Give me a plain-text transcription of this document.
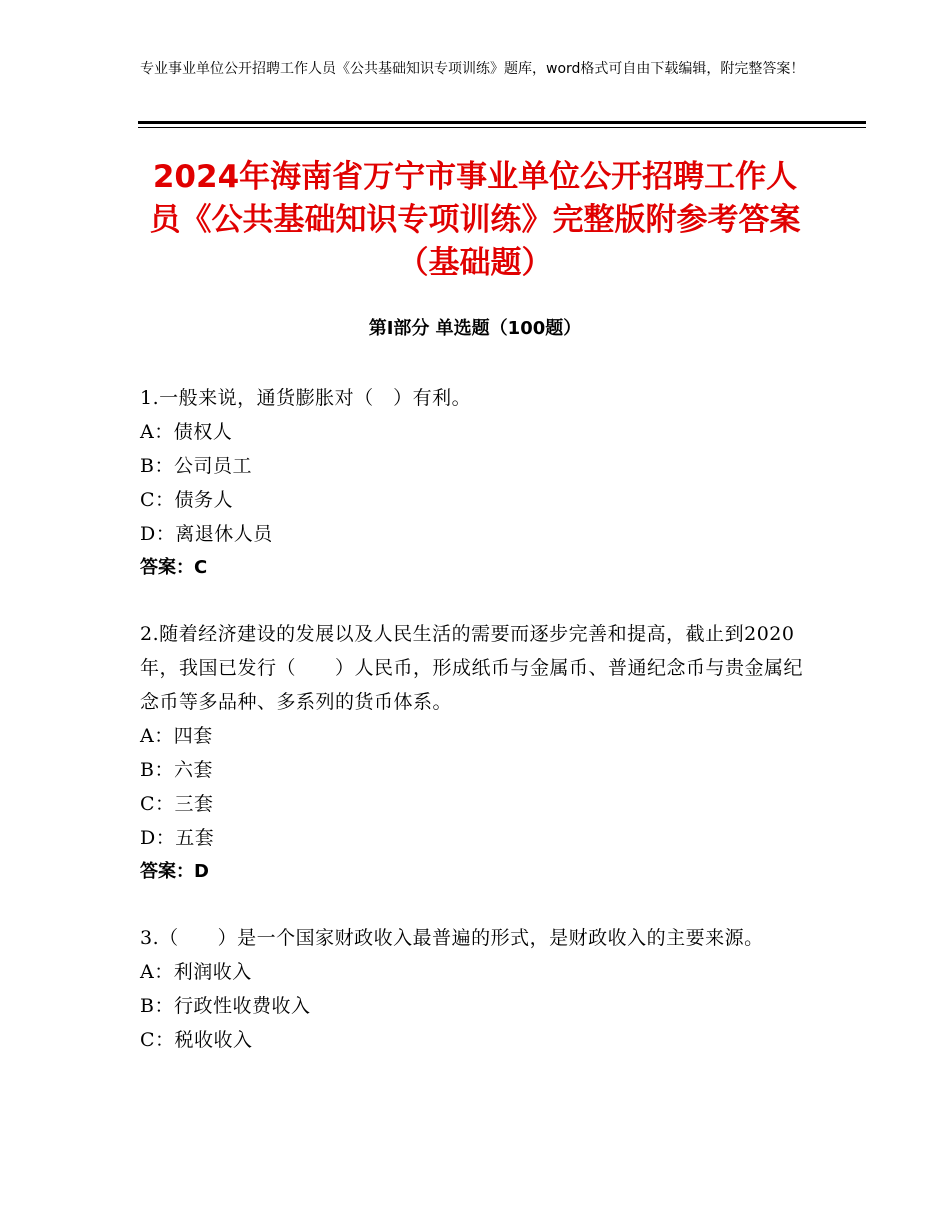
专业事业单位公开招聘工作人员《公共基础知识专项训练》题库，word格式可自由下载编辑，附完整答案！
2024年海南省万宁市事业单位公开招聘工作人员《公共基础知识专项训练》完整版附参考答案（基础题）
第Ⅰ部分 单选题（100题）
1.一般来说，通货膨胀对（　）有利。
A：债权人
B：公司员工
C：债务人
D：离退休人员
答案：C
2.随着经济建设的发展以及人民生活的需要而逐步完善和提高，截止到2020年，我国已发行（　　）人民币，形成纸币与金属币、普通纪念币与贵金属纪念币等多品种、多系列的货币体系。
A：四套
B：六套
C：三套
D：五套
答案：D
3.（　　）是一个国家财政收入最普遍的形式，是财政收入的主要来源。
A：利润收入
B：行政性收费收入
C：税收收入
